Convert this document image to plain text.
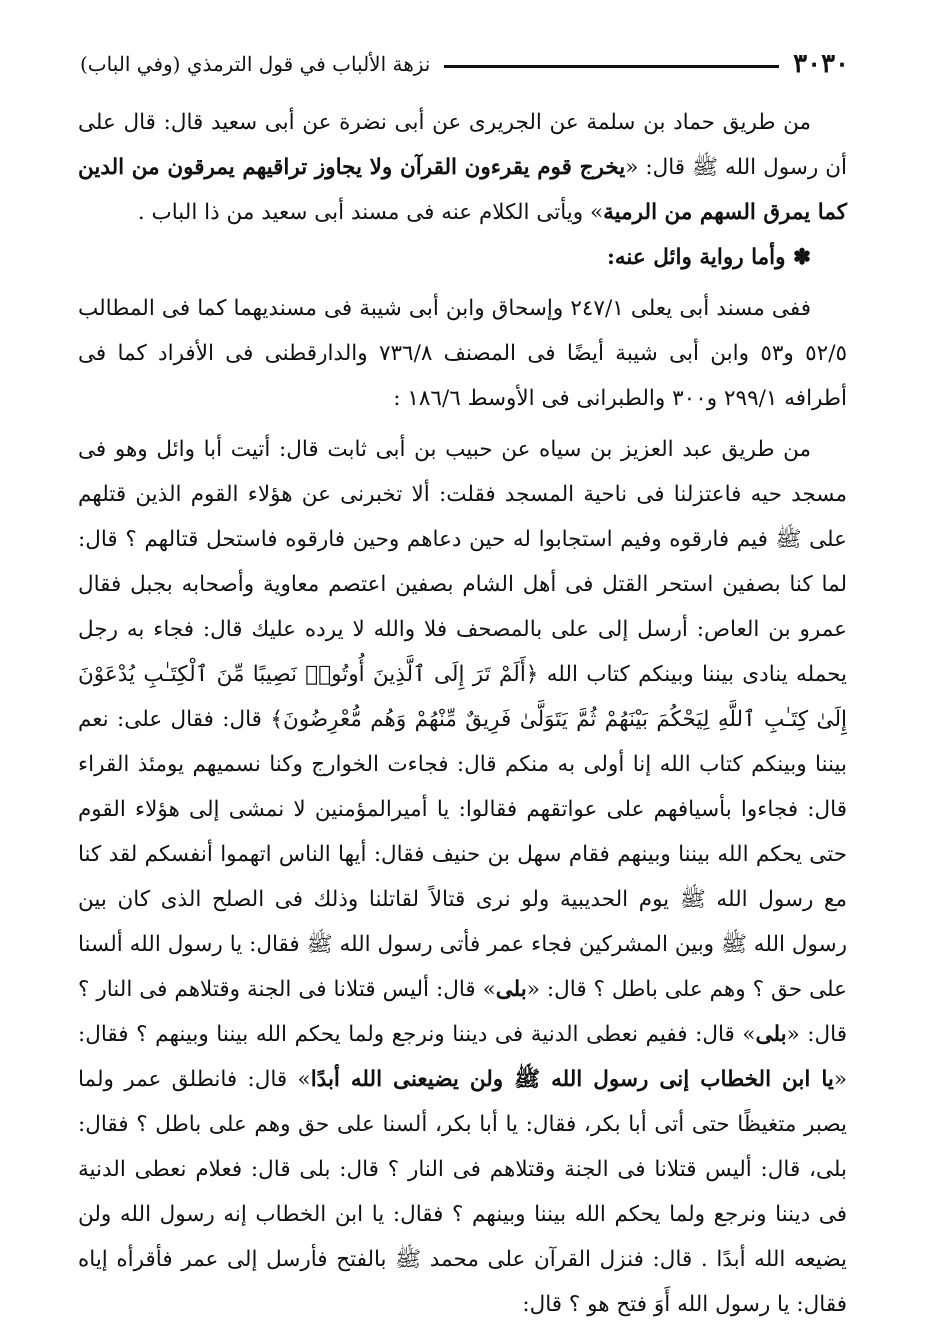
٣٠٣٠
نزهة الألباب في قول الترمذي (وفي الباب)

من طريق حماد بن سلمة عن الجريرى عن أبى نضرة عن أبى سعيد قال: قال على أن رسول الله ﷺ قال: «يخرج قوم يقرءون القرآن ولا يجاوز تراقيهم يمرقون من الدين كما يمرق السهم من الرمية» ويأتى الكلام عنه فى مسند أبى سعيد من ذا الباب .

✽ وأما رواية وائل عنه:

ففى مسند أبى يعلى ٢٤٧/١ وإسحاق وابن أبى شيبة فى مسنديهما كما فى المطالب ٥٢/٥ و٥٣ وابن أبى شيبة أيضًا فى المصنف ٧٣٦/٨ والدارقطنى فى الأفراد كما فى أطرافه ٢٩٩/١ و٣٠٠ والطبرانى فى الأوسط ١٨٦/٦ :

من طريق عبد العزيز بن سياه عن حبيب بن أبى ثابت قال: أتيت أبا وائل وهو فى مسجد حيه فاعتزلنا فى ناحية المسجد فقلت: ألا تخبرنى عن هؤلاء القوم الذين قتلهم على ﷺ فيم فارقوه وفيم استجابوا له حين دعاهم وحين فارقوه فاستحل قتالهم ؟ قال: لما كنا بصفين استحر القتل فى أهل الشام بصفين اعتصم معاوية وأصحابه بجبل فقال عمرو بن العاص: أرسل إلى على بالمصحف فلا والله لا يرده عليك قال: فجاء به رجل يحمله ينادى بيننا وبينكم كتاب الله ﴿أَلَمْ تَرَ إِلَى ٱلَّذِينَ أُوتُوا۟ نَصِيبًا مِّنَ ٱلْكِتَـٰبِ يُدْعَوْنَ إِلَىٰ كِتَـٰبِ ٱللَّهِ لِيَحْكُمَ بَيْنَهُمْ ثُمَّ يَتَوَلَّىٰ فَرِيقٌ مِّنْهُمْ وَهُم مُّعْرِضُونَ﴾ قال: فقال على: نعم بيننا وبينكم كتاب الله إنا أولى به منكم قال: فجاءت الخوارج وكنا نسميهم يومئذ القراء قال: فجاءوا بأسيافهم على عواتقهم فقالوا: يا أميرالمؤمنين لا نمشى إلى هؤلاء القوم حتى يحكم الله بيننا وبينهم فقام سهل بن حنيف فقال: أيها الناس اتهموا أنفسكم لقد كنا مع رسول الله ﷺ يوم الحديبية ولو نرى قتالاً لقاتلنا وذلك فى الصلح الذى كان بين رسول الله ﷺ وبين المشركين فجاء عمر فأتى رسول الله ﷺ فقال: يا رسول الله ألسنا على حق ؟ وهم على باطل ؟ قال: «بلى» قال: أليس قتلانا فى الجنة وقتلاهم فى النار ؟ قال: «بلى» قال: ففيم نعطى الدنية فى ديننا ونرجع ولما يحكم الله بيننا وبينهم ؟ فقال: «يا ابن الخطاب إنى رسول الله ﷺ ولن يضيعنى الله أبدًا» قال: فانطلق عمر ولما يصبر متغيظًا حتى أتى أبا بكر، فقال: يا أبا بكر، ألسنا على حق وهم على باطل ؟ فقال: بلى، قال: أليس قتلانا فى الجنة وقتلاهم فى النار ؟ قال: بلى قال: فعلام نعطى الدنية فى ديننا ونرجع ولما يحكم الله بيننا وبينهم ؟ فقال: يا ابن الخطاب إنه رسول الله ولن يضيعه الله أبدًا . قال: فنزل القرآن على محمد ﷺ بالفتح فأرسل إلى عمر فأقرأه إياه فقال: يا رسول الله أَوَ فتح هو ؟ قال:
